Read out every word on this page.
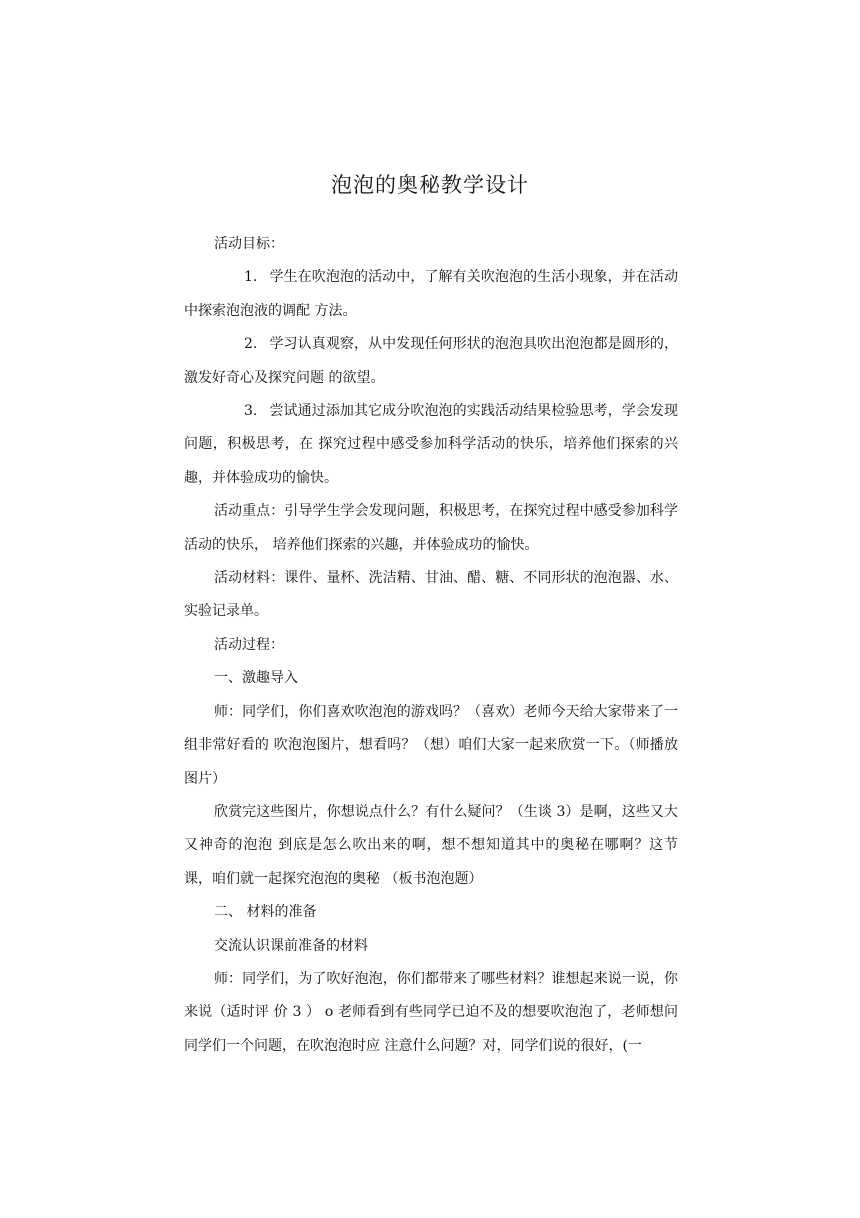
泡泡的奥秘教学设计

活动目标：

1. 学生在吹泡泡的活动中，了解有关吹泡泡的生活小现象，并在活动中探索泡泡液的调配 方法。

2. 学习认真观察，从中发现任何形状的泡泡具吹出泡泡都是圆形的，激发好奇心及探究问题 的欲望。

3. 尝试通过添加其它成分吹泡泡的实践活动结果检验思考，学会发现问题，积极思考，在 探究过程中感受参加科学活动的快乐，培养他们探索的兴趣，并体验成功的愉快。

活动重点：引导学生学会发现问题，积极思考，在探究过程中感受参加科学活动的快乐， 培养他们探索的兴趣，并体验成功的愉快。

活动材料：课件、量杯、洗洁精、甘油、醋、糖、不同形状的泡泡器、水、实验记录单。

活动过程：

一、激趣导入

师：同学们，你们喜欢吹泡泡的游戏吗？（喜欢）老师今天给大家带来了一组非常好看的 吹泡泡图片，想看吗？（想）咱们大家一起来欣赏一下。（师播放图片）

欣赏完这些图片，你想说点什么？有什么疑问？（生谈 3）是啊，这些又大又神奇的泡泡 到底是怎么吹出来的啊，想不想知道其中的奥秘在哪啊？这节课，咱们就一起探究泡泡的奥秘 （板书泡泡题）

二、 材料的准备

交流认识课前准备的材料

师：同学们，为了吹好泡泡，你们都带来了哪些材料？谁想起来说一说，你来说（适时评 价 3 ） o 老师看到有些同学已迫不及的想要吹泡泡了，老师想问同学们一个问题，在吹泡泡时应 注意什么问题？对，同学们说的很好，(一
